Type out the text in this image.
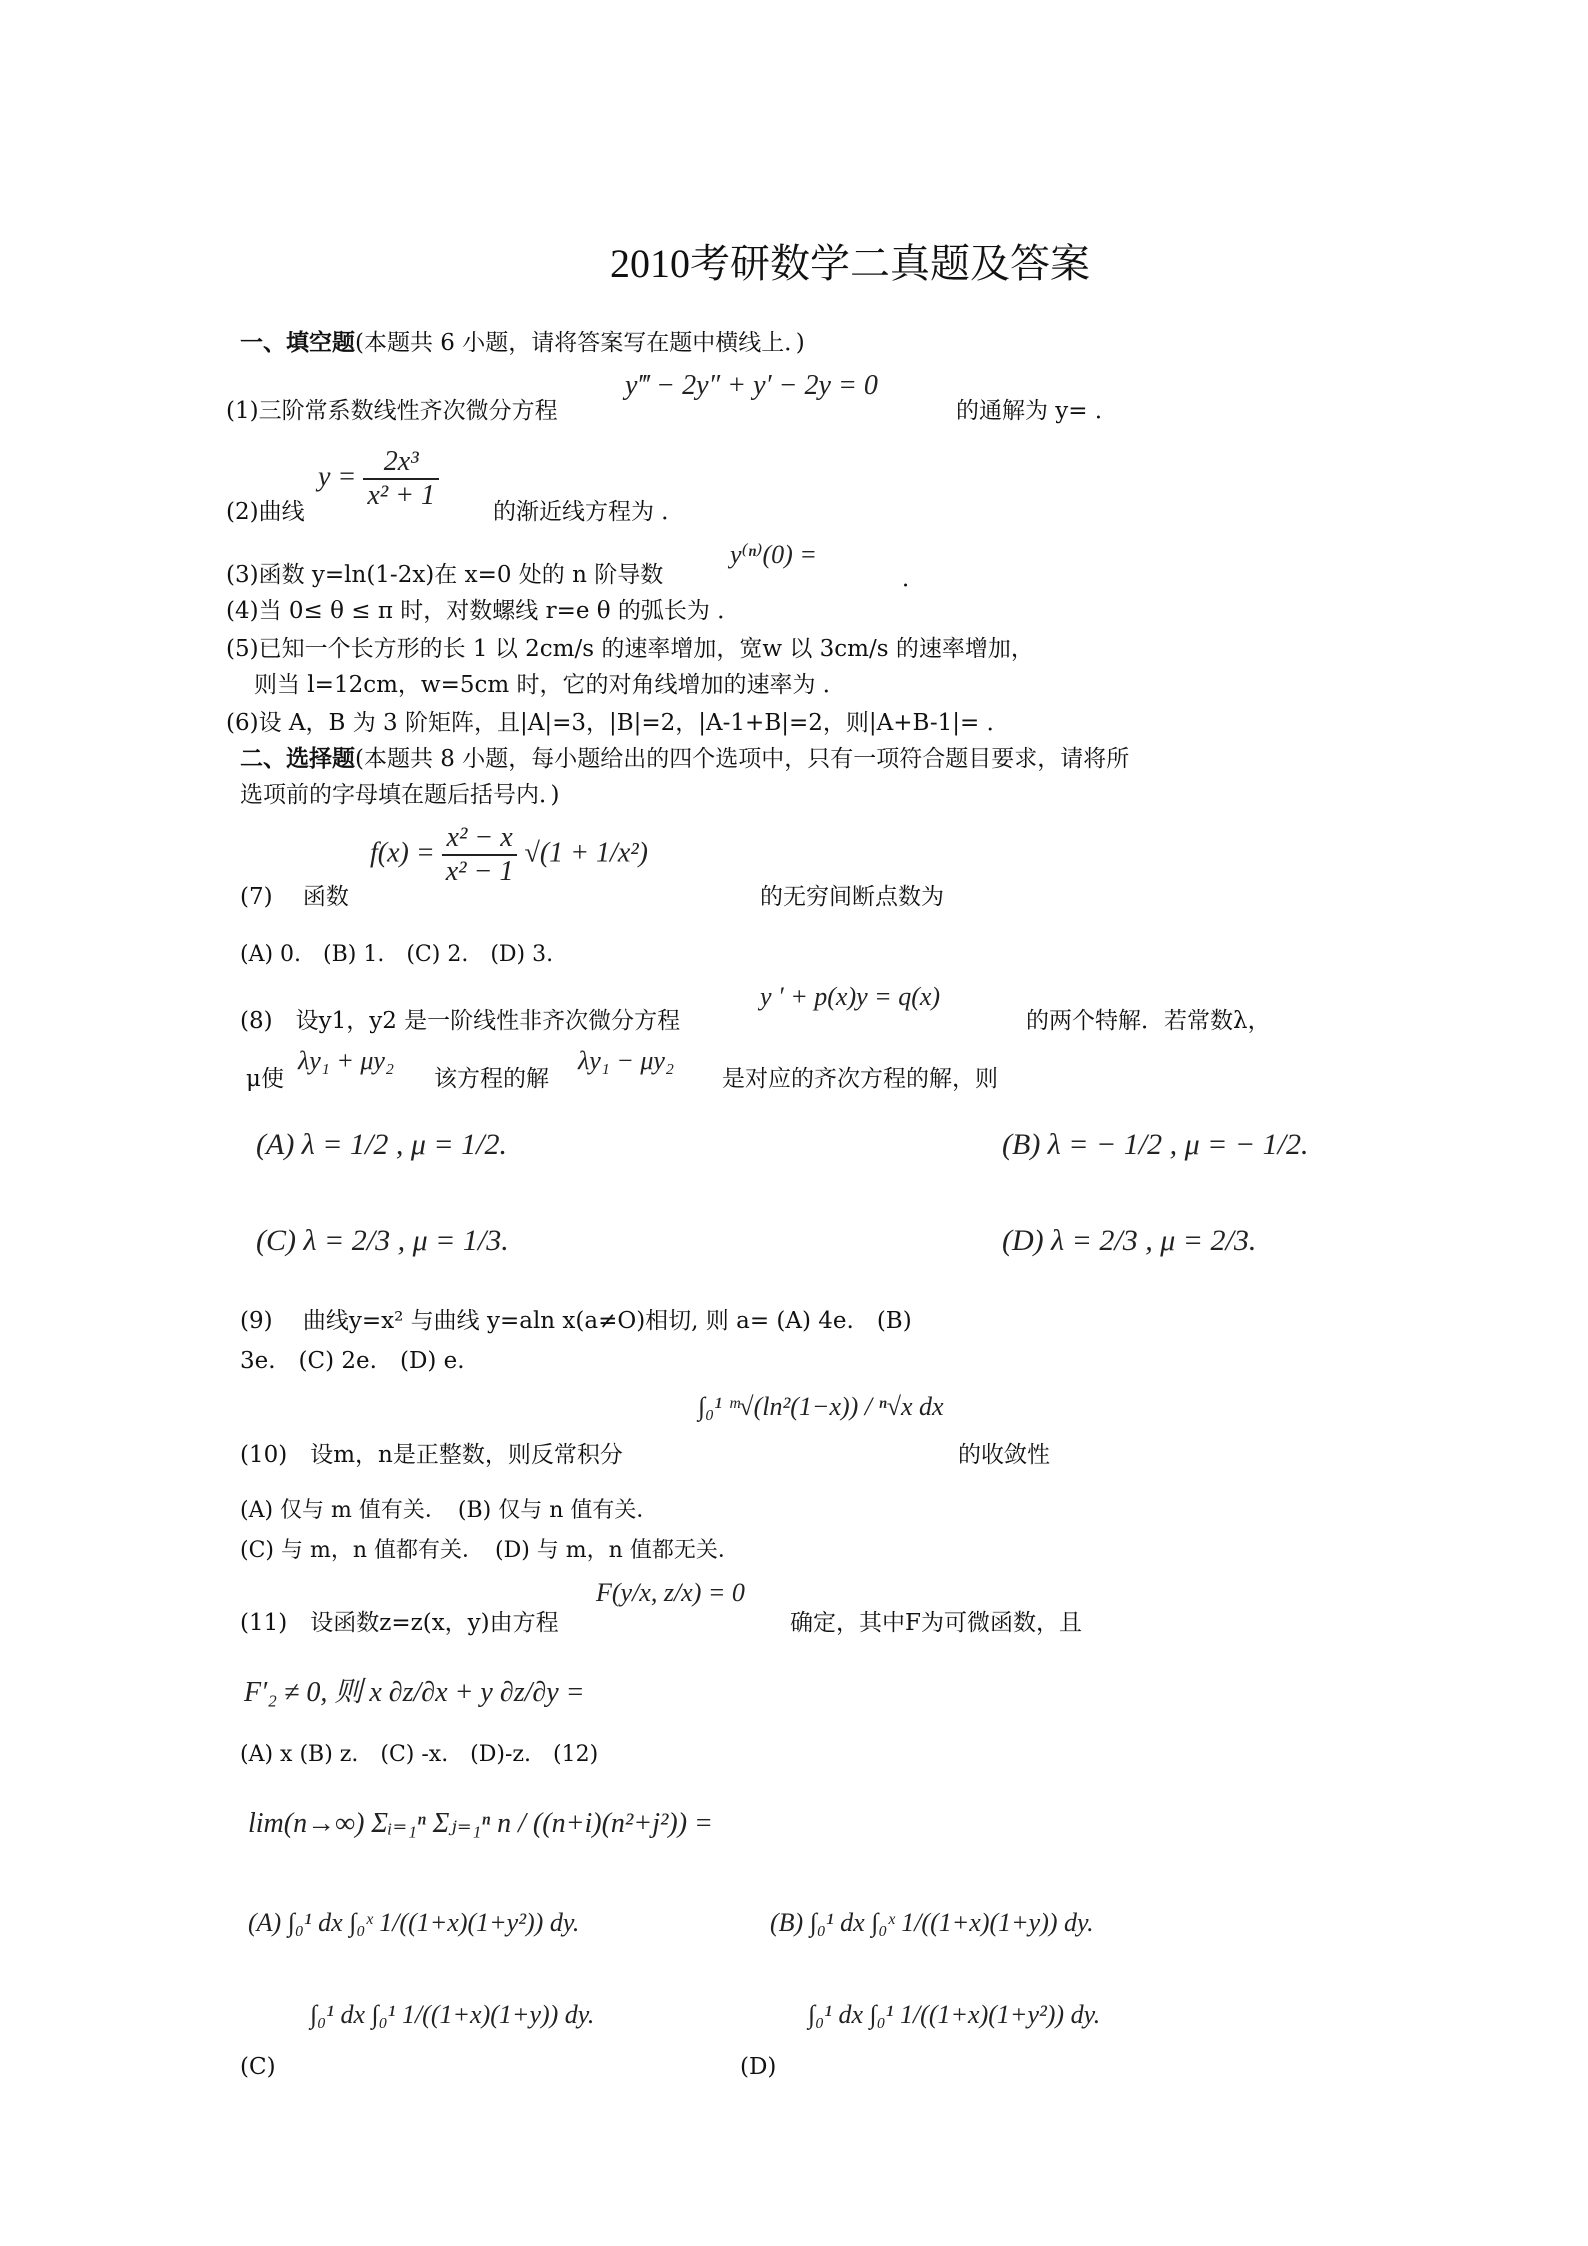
2010考研数学二真题及答案
一、填空题(本题共 6 小题，请将答案写在题中横线上．)
(1)三阶常系数线性齐次微分方程
y‴ − 2y″ + y′ − 2y = 0
的通解为 y= ．
(2)曲线
$y = \frac{\text{2x³}}{\text{x² + 1}}$ 的渐近线方程为 ．
(3)函数 y=ln(1-2x)在 x=0 处的 n 阶导数
y⁽ⁿ⁾(0) =
．
(4)当 0≤ θ ≤ π 时，对数螺线 r=e θ 的弧长为 ．
(5)已知一个长方形的长 1 以 2cm/s 的速率增加，宽w 以 3cm/s 的速率增加，
则当 l=12cm，w=5cm 时，它的对角线增加的速率为 ．
(6)设 A，B 为 3 阶矩阵，且|A|=3，|B|=2，|A-1+B|=2，则|A+B-1|= ．
二、选择题(本题共 8 小题，每小题给出的四个选项中，只有一项符合题目要求，请将所
选项前的字母填在题后括号内．)
(7)　 函数
$f(x) = \frac{\text{x² − x}}{\text{x² − 1}} √(1 + 1/x^2)$
的无穷间断点数为
(A) 0.　(B) 1.　(C) 2.　(D) 3.
(8)　设y1，y2 是一阶线性非齐次微分方程
y ′ + p(x)y = q(x)
的两个特解．若常数λ，
μ使
λy₁ + μy₂
该方程的解
λy₁ − μy₂
是对应的齐次方程的解，则
(A) λ = 1/2 , μ = 1/2.	(B) λ = − 1/2 , μ = − 1/2.
(C) λ = 2/3 , μ = 1/3.	(D) λ = 2/3 , μ = 2/3.
(9)　 曲线y=x² 与曲线 y=aln x(a≠O)相切, 则 a= (A) 4e.　(B)
3e.　(C) 2e.　(D) e.
(10)　设m，n是正整数，则反常积分
∫₀¹ ᵐ√(ln²(1−x)) / ⁿ√x dx
的收敛性
(A) 仅与 m 值有关．　(B) 仅与 n 值有关．
(C) 与 m，n 值都有关．　(D) 与 m，n 值都无关．
(11)　设函数z=z(x，y)由方程
F(y/x, z/x) = 0
确定，其中F为可微函数，且
F′₂ ≠ 0, 则 x ∂z/∂x + y ∂z/∂y =
(A) x (B) z.　(C) -x.　(D)-z.　(12)
lim(n→∞) Σᵢ₌₁ⁿ Σⱼ₌₁ⁿ n / ((n+i)(n²+j²)) =
(A) ∫₀¹ dx ∫₀ˣ 1/((1+x)(1+y²)) dy.	(B) ∫₀¹ dx ∫₀ˣ 1/((1+x)(1+y)) dy.
∫₀¹ dx ∫₀¹ 1/((1+x)(1+y)) dy.	∫₀¹ dx ∫₀¹ 1/((1+x)(1+y²)) dy.
(C)	(D)
